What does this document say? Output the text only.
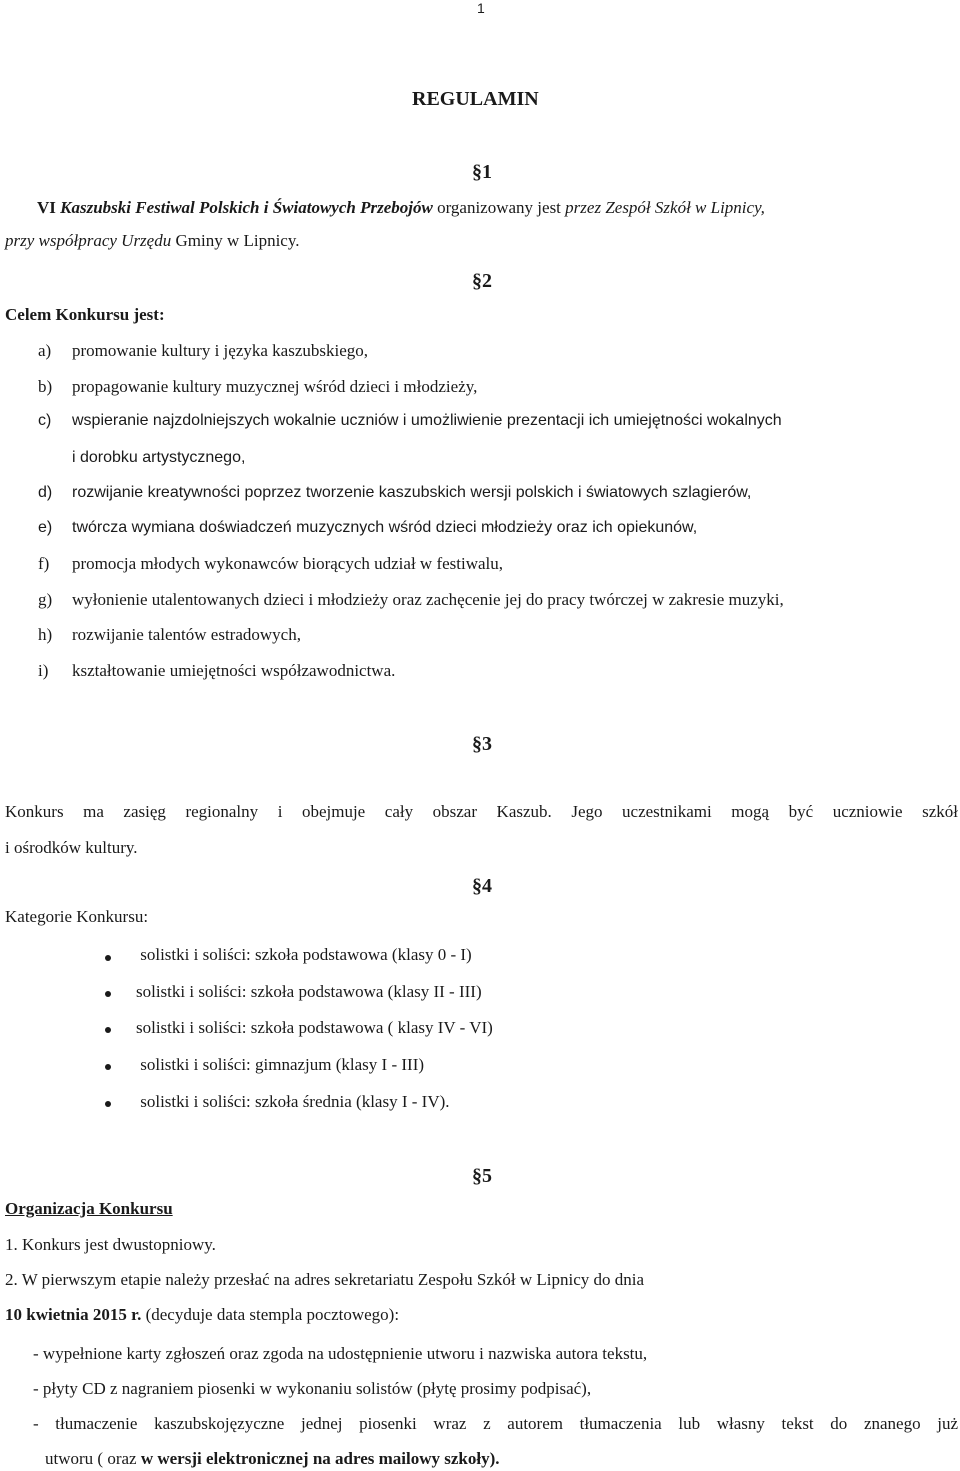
1
REGULAMIN
§1
VI Kaszubski Festiwal Polskich i Światowych Przebojów organizowany jest przez Zespół Szkół w Lipnicy,
przy współpracy Urzędu Gminy w Lipnicy.
§2
Celem Konkursu jest:
a) promowanie kultury i języka kaszubskiego,
b) propagowanie kultury muzycznej wśród dzieci i młodzieży,
c) wspieranie najzdolniejszych wokalnie uczniów i umożliwienie prezentacji ich umiejętności wokalnych
i dorobku artystycznego,
d) rozwijanie kreatywności poprzez tworzenie kaszubskich wersji polskich i światowych szlagierów,
e) twórcza wymiana doświadczeń muzycznych wśród dzieci młodzieży oraz ich opiekunów,
f) promocja młodych wykonawców biorących udział w festiwalu,
g) wyłonienie utalentowanych dzieci i młodzieży oraz zachęcenie jej do pracy twórczej w zakresie muzyki,
h) rozwijanie talentów estradowych,
i) kształtowanie umiejętności współzawodnictwa.
§3
Konkurs ma zasięg regionalny i obejmuje cały obszar Kaszub. Jego uczestnikami mogą być uczniowie szkół
i ośrodków kultury.
§4
Kategorie Konkursu:
solistki i soliści: szkoła podstawowa (klasy 0 - I)
solistki i soliści: szkoła podstawowa (klasy II - III)
solistki i soliści: szkoła podstawowa ( klasy IV - VI)
solistki i soliści: gimnazjum (klasy I - III)
solistki i soliści: szkoła średnia (klasy I - IV).
§5
Organizacja Konkursu
1. Konkurs jest dwustopniowy.
2. W pierwszym etapie należy przesłać na adres sekretariatu Zespołu Szkół w Lipnicy do dnia
10 kwietnia 2015 r. (decyduje data stempla pocztowego):
- wypełnione karty zgłoszeń oraz zgoda na udostępnienie utworu i nazwiska autora tekstu,
- płyty CD z nagraniem piosenki w wykonaniu solistów (płytę prosimy podpisać),
- tłumaczenie kaszubskojęzyczne jednej piosenki wraz z autorem tłumaczenia lub własny tekst do znanego już
utworu ( oraz w wersji elektronicznej na adres mailowy szkoły).
